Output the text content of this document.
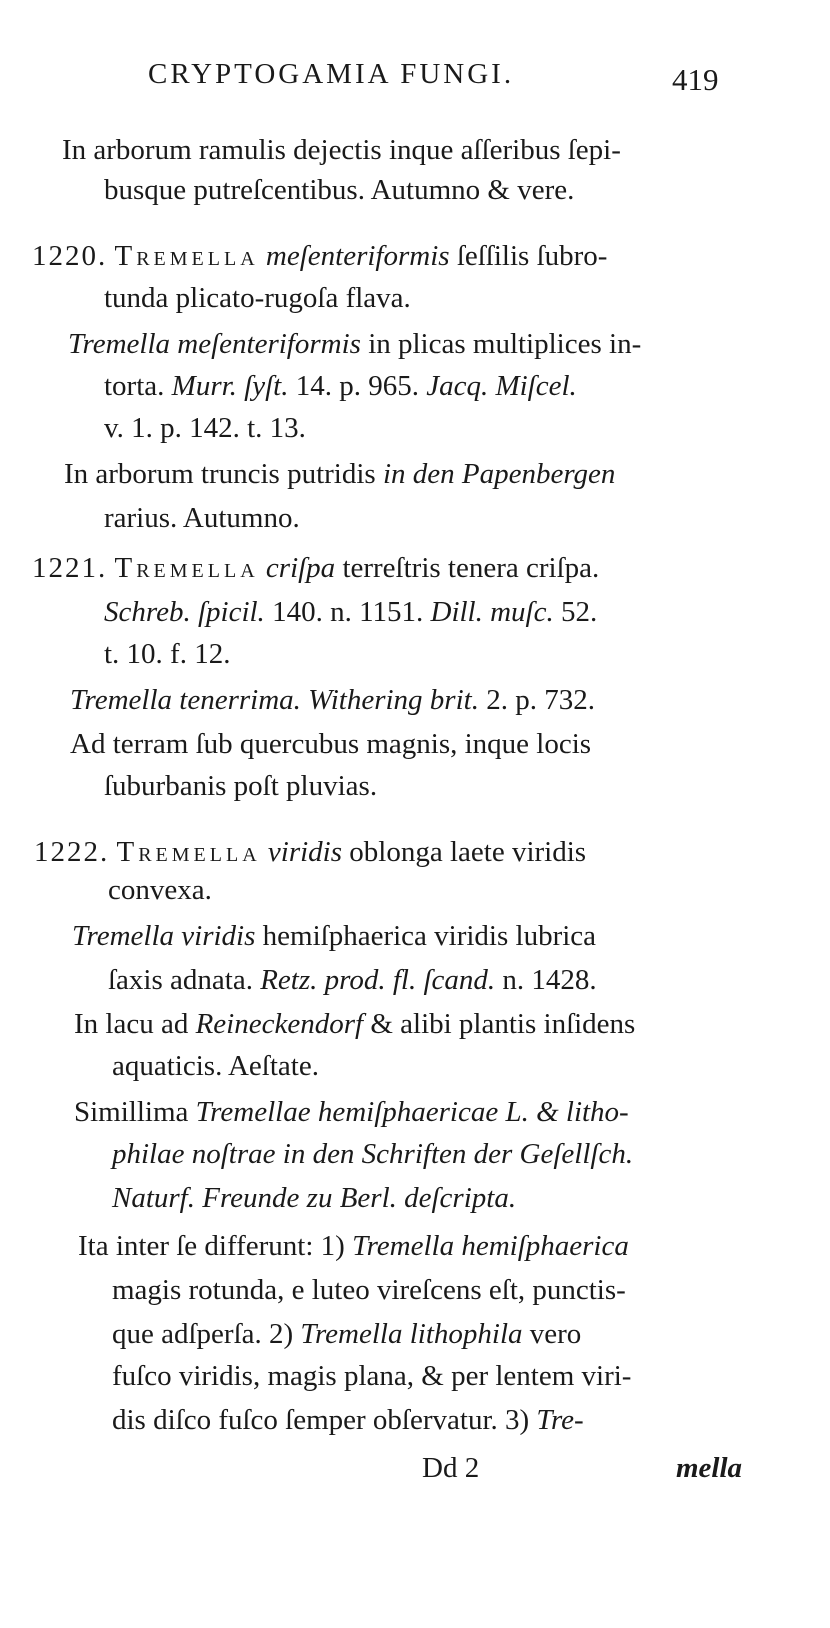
CRYPTOGAMIA FUNGI.	419
In arborum ramulis dejectis inque aſſeribus ſepi-
busque putreſcentibus. Autumno & vere.
1220. Tremella meſenteriformis ſeſſilis ſubro-
tunda plicato-rugoſa flava.
Tremella meſenteriformis in plicas multiplices in-
torta. Murr. ſyſt. 14. p. 965. Jacq. Miſcel.
v. 1. p. 142. t. 13.
In arborum truncis putridis in den Papenbergen
rarius. Autumno.
1221. Tremella criſpa terreſtris tenera criſpa.
Schreb. ſpicil. 140. n. 1151. Dill. muſc. 52.
t. 10. f. 12.
Tremella tenerrima. Withering brit. 2. p. 732.
Ad terram ſub quercubus magnis, inque locis
ſuburbanis poſt pluvias.
1222. Tremella viridis oblonga laete viridis
convexa.
Tremella viridis hemiſphaerica viridis lubrica
ſaxis adnata. Retz. prod. fl. ſcand. n. 1428.
In lacu ad Reineckendorf & alibi plantis inſidens
aquaticis. Aeſtate.
Simillima Tremellae hemiſphaericae L. & litho-
philae noſtrae in den Schriften der Geſellſch.
Naturf. Freunde zu Berl. deſcripta.
Ita inter ſe differunt: 1) Tremella hemiſphaerica
magis rotunda, e luteo vireſcens eſt, punctis-
que adſperſa. 2) Tremella lithophila vero
fuſco viridis, magis plana, & per lentem viri-
dis diſco fuſco ſemper obſervatur. 3) Tre-
Dd 2	mella
